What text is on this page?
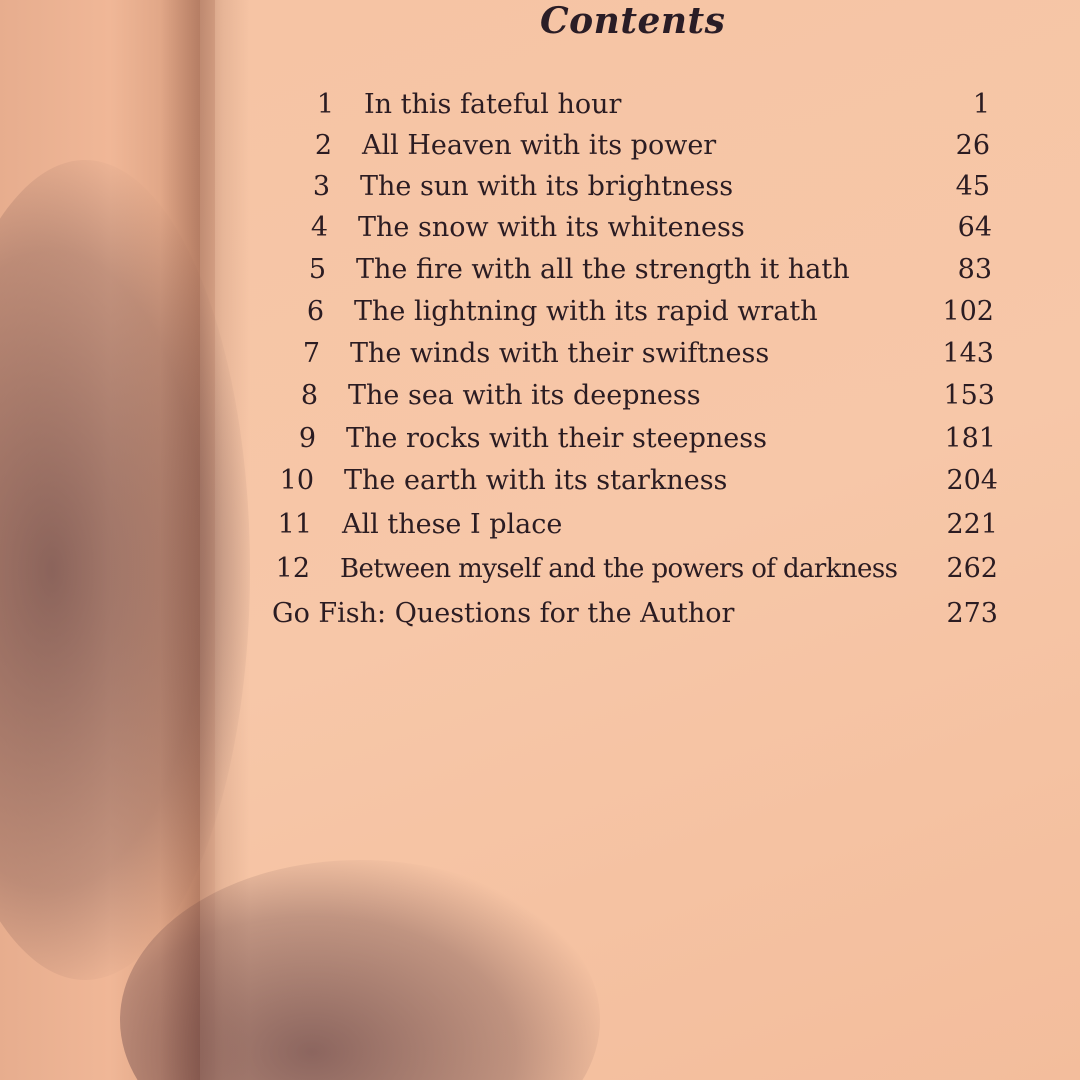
Contents
1 In this fateful hour	1
2 All Heaven with its power	26
3 The sun with its brightness	45
4 The snow with its whiteness	64
5 The fire with all the strength it hath	83
6 The lightning with its rapid wrath	102
7 The winds with their swiftness	143
8 The sea with its deepness	153
9 The rocks with their steepness	181
10 The earth with its starkness	204
11 All these I place	221
12 Between myself and the powers of darkness 262
Go Fish: Questions for the Author	273
